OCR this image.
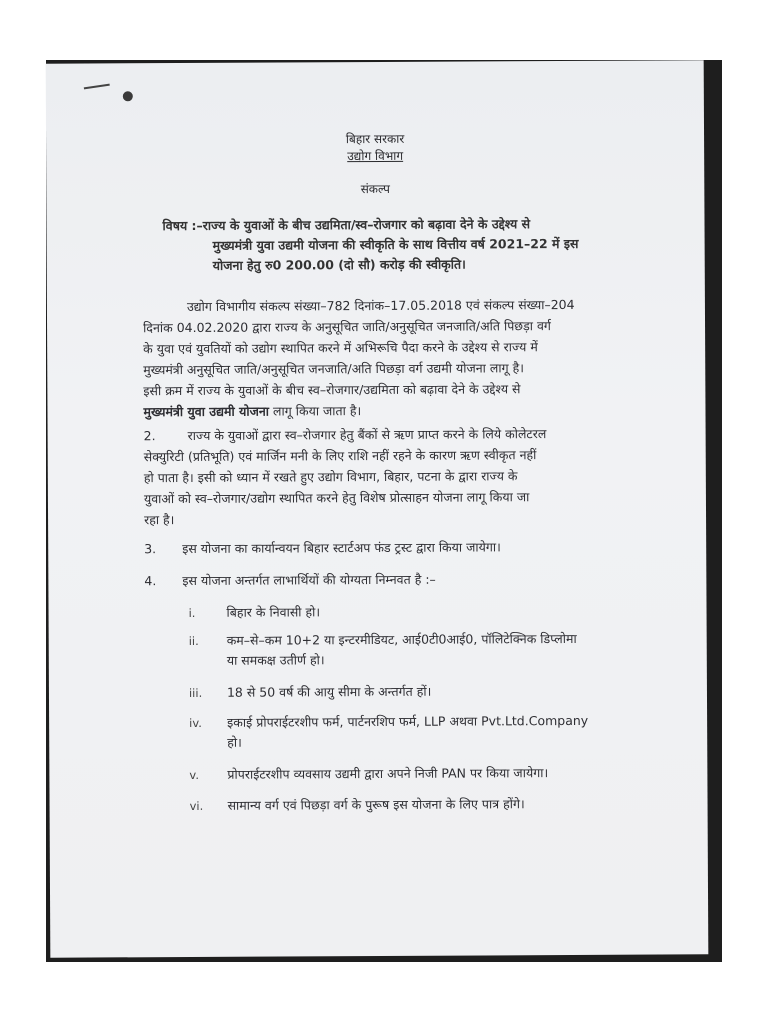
बिहार सरकार
उद्योग विभाग
संकल्प
विषय :–राज्य के युवाओं के बीच उद्यमिता/स्व–रोजगार को बढ़ावा देने के उद्देश्य से
मुख्यमंत्री युवा उद्यमी योजना की स्वीकृति के साथ वित्तीय वर्ष 2021–22 में इस
योजना हेतु रु0 200.00 (दो सौ) करोड़ की स्वीकृति।
उद्योग विभागीय संकल्प संख्या–782 दिनांक–17.05.2018 एवं संकल्प संख्या–204
दिनांक 04.02.2020 द्वारा राज्य के अनुसूचित जाति/अनुसूचित जनजाति/अति पिछड़ा वर्ग
के युवा एवं युवतियों को उद्योग स्थापित करने में अभिरूचि पैदा करने के उद्देश्य से राज्य में
मुख्यमंत्री अनुसूचित जाति/अनुसूचित जनजाति/अति पिछड़ा वर्ग उद्यमी योजना लागू है।
इसी क्रम में राज्य के युवाओं के बीच स्व–रोजगार/उद्यमिता को बढ़ावा देने के उद्देश्य से
मुख्यमंत्री युवा उद्यमी योजना लागू किया जाता है।
2.	राज्य के युवाओं द्वारा स्व–रोजगार हेतु बैंकों से ऋण प्राप्त करने के लिये कोलेटरल
सेक्युरिटी (प्रतिभूति) एवं मार्जिन मनी के लिए राशि नहीं रहने के कारण ऋण स्वीकृत नहीं
हो पाता है। इसी को ध्यान में रखते हुए उद्योग विभाग, बिहार, पटना के द्वारा राज्य के
युवाओं को स्व–रोजगार/उद्योग स्थापित करने हेतु विशेष प्रोत्साहन योजना लागू किया जा
रहा है।
3.	इस योजना का कार्यान्वयन बिहार स्टार्टअप फंड ट्रस्ट द्वारा किया जायेगा।
4.	इस योजना अन्तर्गत लाभार्थियों की योग्यता निम्नवत है :–
i.	बिहार के निवासी हो।
ii.	कम–से–कम 10+2 या इन्टरमीडियट, आई0टी0आई0, पॉलिटेक्निक डिप्लोमा
या समकक्ष उतीर्ण हो।
iii.	18 से 50 वर्ष की आयु सीमा के अन्तर्गत हों।
iv.	इकाई प्रोपराईटरशीप फर्म, पार्टनरशिप फर्म, LLP अथवा Pvt.Ltd.Company
हो।
v.	प्रोपराईटरशीप व्यवसाय उद्यमी द्वारा अपने निजी PAN पर किया जायेगा।
vi.	सामान्य वर्ग एवं पिछड़ा वर्ग के पुरूष इस योजना के लिए पात्र होंगे।
